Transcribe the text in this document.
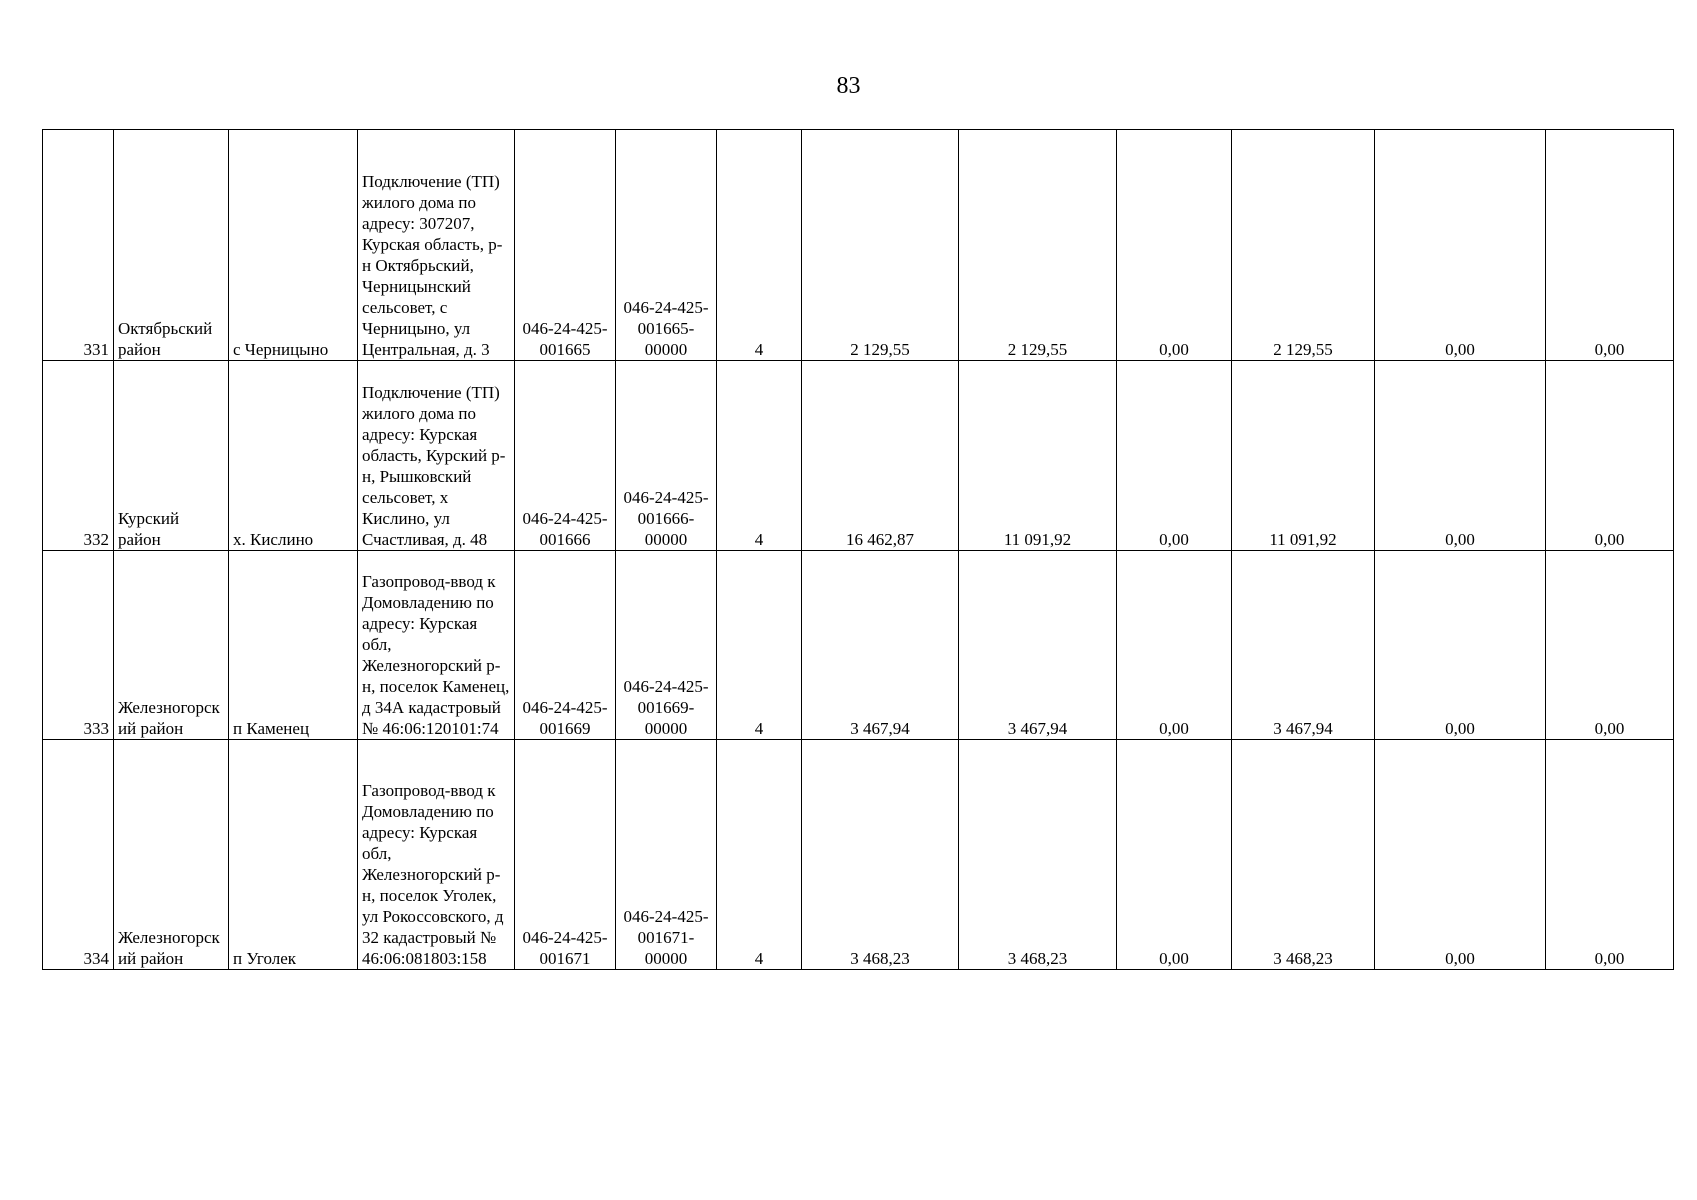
83
331	Октябрьский район	с Черницыно	Подключение (ТП) жилого дома по адресу: 307207, Курская область, р-н Октябрьский, Черницынский сельсовет, с Черницыно, ул Центральная, д. 3	046-24-425-001665	046-24-425-001665-00000	4	2 129,55	2 129,55	0,00	2 129,55	0,00	0,00
332	Курский район	х. Кислино	Подключение (ТП) жилого дома по адресу: Курская область, Курский р-н, Рышковский сельсовет, х Кислино, ул Счастливая, д. 48	046-24-425-001666	046-24-425-001666-00000	4	16 462,87	11 091,92	0,00	11 091,92	0,00	0,00
333	Железногорский район	п Каменец	Газопровод-ввод к Домовладению по адресу: Курская обл, Железногорский р-н, поселок Каменец, д 34А кадастровый № 46:06:120101:74	046-24-425-001669	046-24-425-001669-00000	4	3 467,94	3 467,94	0,00	3 467,94	0,00	0,00
334	Железногорский район	п Уголек	Газопровод-ввод к Домовладению по адресу: Курская обл, Железногорский р-н, поселок Уголек, ул Рокоссовского, д 32 кадастровый № 46:06:081803:158	046-24-425-001671	046-24-425-001671-00000	4	3 468,23	3 468,23	0,00	3 468,23	0,00	0,00
